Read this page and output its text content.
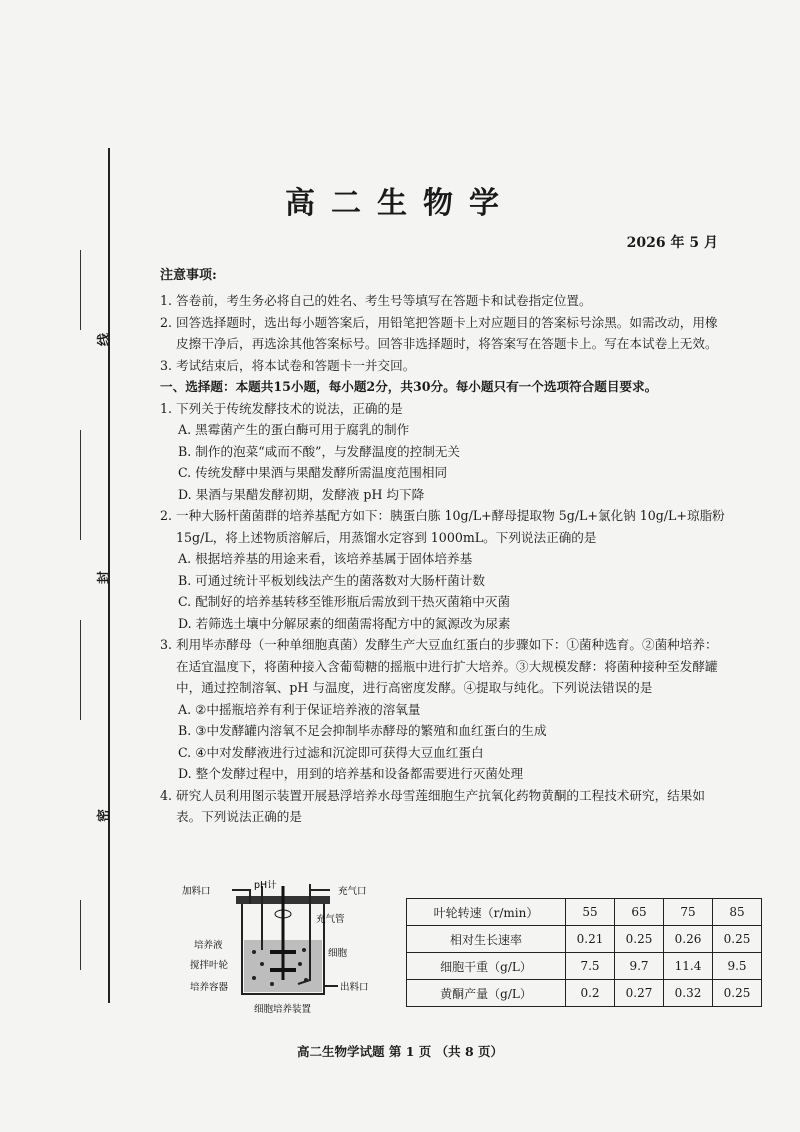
线
封
密
高二生物学
2026 年 5 月
注意事项:

1. 答卷前，考生务必将自己的姓名、考生号等填写在答题卡和试卷指定位置。

2. 回答选择题时，选出每小题答案后，用铅笔把答题卡上对应题目的答案标号涂黑。如需改动，用橡皮擦干净后，再选涂其他答案标号。回答非选择题时，将答案写在答题卡上。写在本试卷上无效。

3. 考试结束后，将本试卷和答题卡一并交回。

一、选择题：本题共15小题，每小题2分，共30分。每小题只有一个选项符合题目要求。

1. 下列关于传统发酵技术的说法，正确的是

A. 黑霉菌产生的蛋白酶可用于腐乳的制作

B. 制作的泡菜“咸而不酸”，与发酵温度的控制无关

C. 传统发酵中果酒与果醋发酵所需温度范围相同

D. 果酒与果醋发酵初期，发酵液 pH 均下降

2. 一种大肠杆菌菌群的培养基配方如下：胰蛋白胨 10g/L+酵母提取物 5g/L+氯化钠 10g/L+琼脂粉 15g/L，将上述物质溶解后，用蒸馏水定容到 1000mL。下列说法正确的是

A. 根据培养基的用途来看，该培养基属于固体培养基

B. 可通过统计平板划线法产生的菌落数对大肠杆菌计数

C. 配制好的培养基转移至锥形瓶后需放到干热灭菌箱中灭菌

D. 若筛选土壤中分解尿素的细菌需将配方中的氮源改为尿素

3. 利用毕赤酵母（一种单细胞真菌）发酵生产大豆血红蛋白的步骤如下：①菌种选育。②菌种培养：在适宜温度下，将菌种接入含葡萄糖的摇瓶中进行扩大培养。③大规模发酵：将菌种接种至发酵罐中，通过控制溶氧、pH 与温度，进行高密度发酵。④提取与纯化。下列说法错误的是

A. ②中摇瓶培养有利于保证培养液的溶氧量

B. ③中发酵罐内溶氧不足会抑制毕赤酵母的繁殖和血红蛋白的生成

C. ④中对发酵液进行过滤和沉淀即可获得大豆血红蛋白

D. 整个发酵过程中，用到的培养基和设备都需要进行灭菌处理

4. 研究人员利用图示装置开展悬浮培养水母雪莲细胞生产抗氧化药物黄酮的工程技术研究，结果如表。下列说法正确的是

加料口
pH计
充气口
充气管
培养液
搅拌叶轮
细胞
培养容器	出料口
细胞培养装置
叶轮转速（r/min）	55	65	75	85
相对生长速率	0.21	0.25	0.26	0.25
细胞干重（g/L）	7.5	9.7	11.4	9.5
黄酮产量（g/L）	0.2	0.27	0.32	0.25
高二生物学试题 第 1 页 （共 8 页）
